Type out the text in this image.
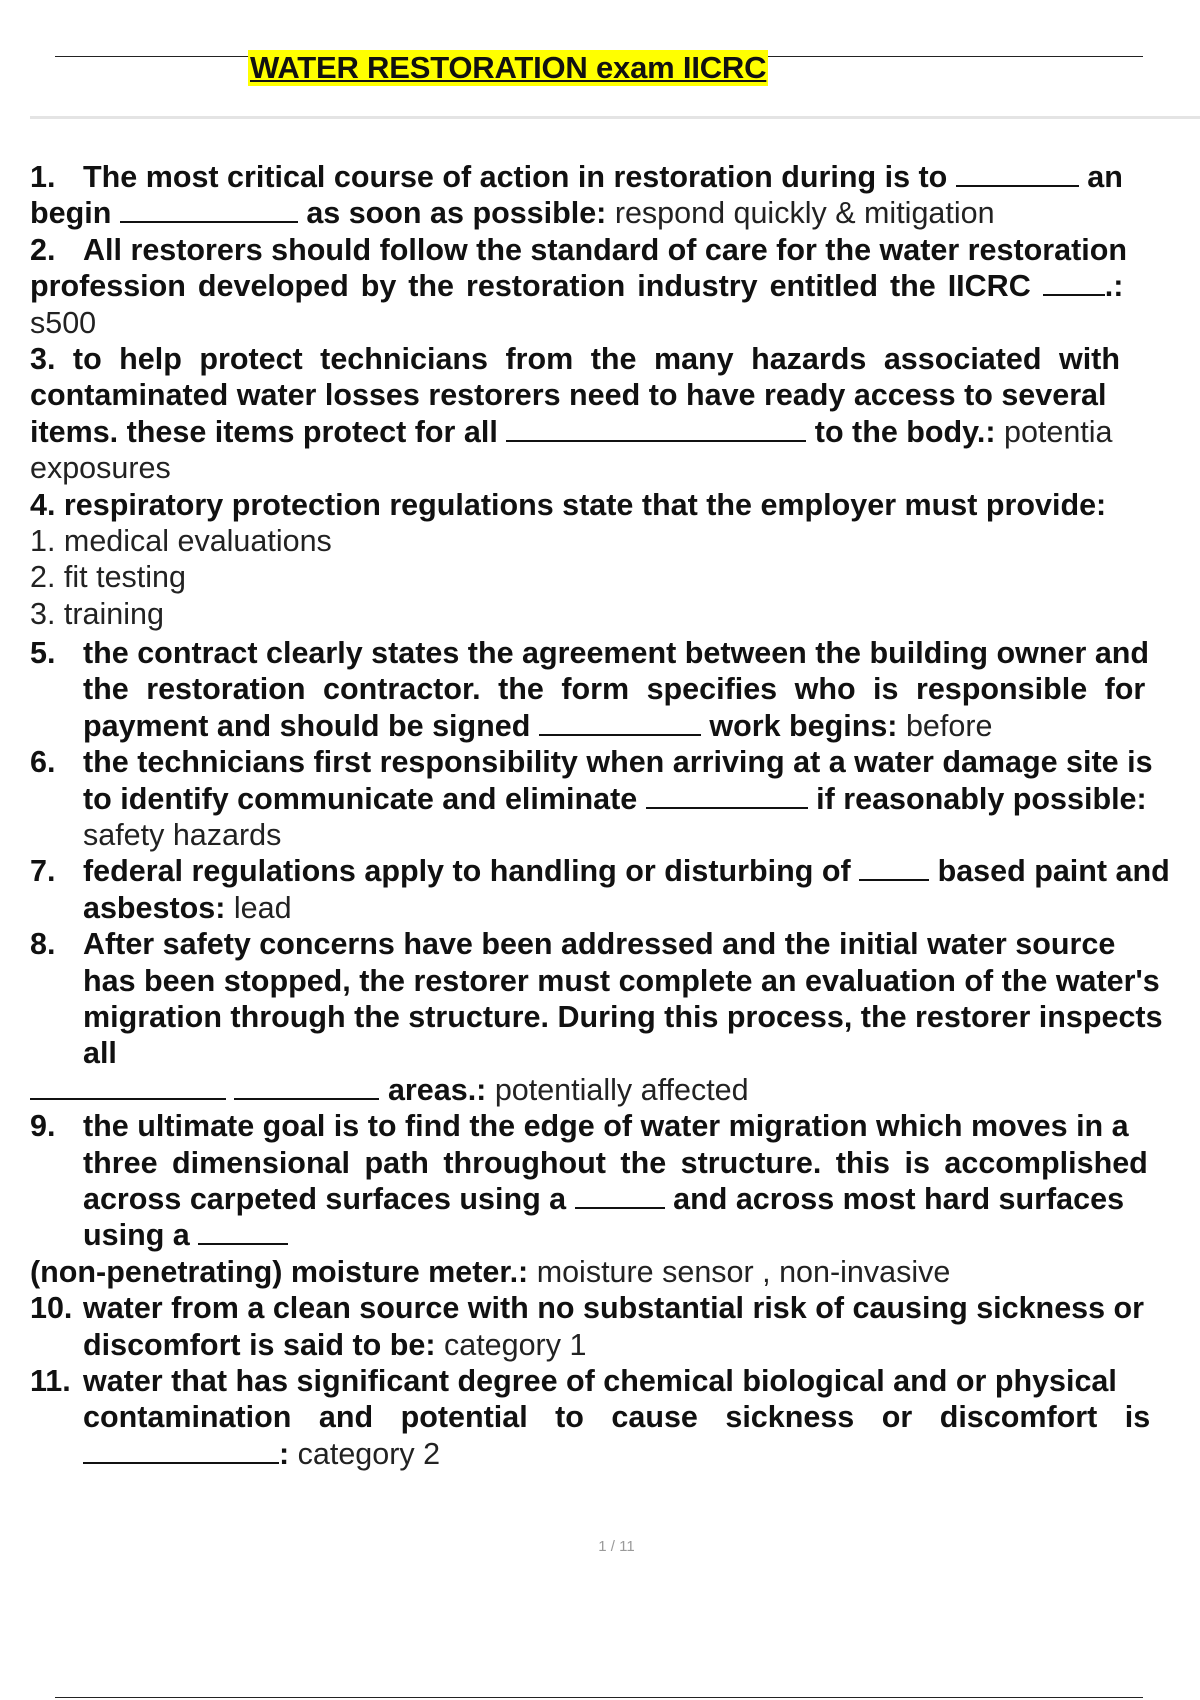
WATER RESTORATION exam IICRC
1. The most critical course of action in restoration during is to	an
begin	as soon as possible: respond quickly & mitigation
2. All restorers should follow the standard of care for the water restoration
profession developed by the restoration industry entitled the IICRC .:
s500
3. to help protect technicians from the many hazards associated with
contaminated water losses restorers need to have ready access to several
items. these items protect for all	to the body.: potentia
exposures
4. respiratory protection regulations state that the employer must provide:
1. medical evaluations
2. fit testing
3. training
5. the contract clearly states the agreement between the building owner and
the restoration contractor. the form specifies who is responsible for
payment and should be signed	work begins: before
6. the technicians first responsibility when arriving at a water damage site is
to identify communicate and eliminate	if reasonably possible:
safety hazards
7. federal regulations apply to handling or disturbing of	based paint and
asbestos: lead
8. After safety concerns have been addressed and the initial water source
has been stopped, the restorer must complete an evaluation of the water's
migration through the structure. During this process, the restorer inspects
all
areas.: potentially affected
9. the ultimate goal is to find the edge of water migration which moves in a
three dimensional path throughout the structure. this is accomplished
across carpeted surfaces using a	and across most hard surfaces
using a
(non-penetrating) moisture meter.: moisture sensor , non-invasive
10. water from a clean source with no substantial risk of causing sickness or
discomfort is said to be: category 1
11. water that has significant degree of chemical biological and or physical
contamination and potential to cause sickness or discomfort is
: category 2
1 / 11
